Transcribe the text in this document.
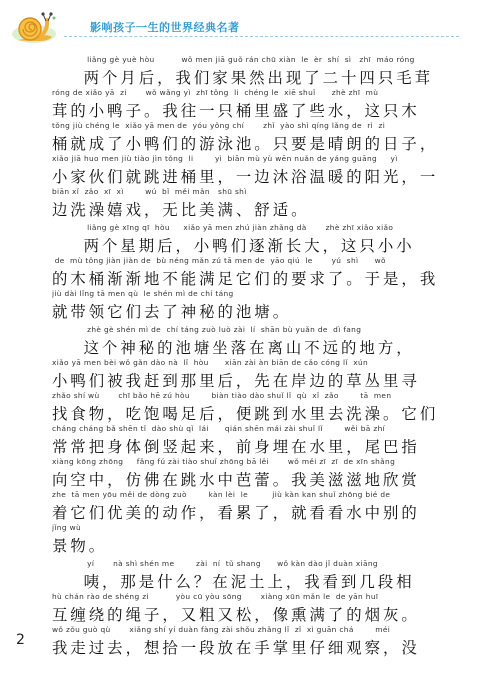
影响孩子一生的世界经典名著
liǎng gè yuè hòu          wǒ men jiā guǒ rán chū xiàn  le  èr  shí  sì   zhī  máo róng
两个月后，我们家果然出现了二十四只毛茸
róng de xiǎo yā  zi       wǒ wǎng yì  zhī tǒng  li  chéng le  xiē shuǐ      zhè zhī  mù
茸的小鸭子。我往一只桶里盛了些水，这只木
tǒng jiù chéng le  xiǎo yā men de  yóu yǒng chí       zhǐ  yào shì qíng lǎng de  rì  zi
桶就成了小鸭们的游泳池。只要是晴朗的日子，
xiǎo jiā huo men jiù tiào jìn tǒng  li        yì  biān mù yù wēn nuǎn de yáng guāng     yì
小家伙们就跳进桶里，一边沐浴温暖的阳光，一
biān xǐ  zǎo  xī  xì        wú  bǐ  měi mǎn   shū shì
边洗澡嬉戏，无比美满、舒适。
liǎng gè xīng qī  hòu     xiǎo yā men zhú jiàn zhǎng dà       zhè zhī xiǎo xiǎo
两个星期后，小鸭们逐渐长大，这只小小
de  mù tǒng jiàn jiàn de  bù néng mǎn zú tā men de  yāo qiú  le       yú  shì      wǒ
的木桶渐渐地不能满足它们的要求了。于是，我
jiù dài lǐng tā men qù  le shén mì de chí táng
就带领它们去了神秘的池塘。
zhè gè shén mì de  chí táng zuò luò zài  lí  shān bù yuǎn de  dì fang
这个神秘的池塘坐落在离山不远的地方，
xiǎo yā men bèi wǒ gǎn dào nà  lǐ  hòu      xiān zài àn biān de cǎo cóng lǐ  xún
小鸭们被我赶到那里后，先在岸边的草丛里寻
zhǎo shí wù       chī bǎo hē zú hòu        biàn tiào dào shuǐ lǐ  qù  xǐ  zǎo        tā  men
找食物，吃饱喝足后，便跳到水里去洗澡。它们
cháng cháng bǎ shēn tǐ  dào shù qǐ  lái      qián shēn mái zài shuǐ lǐ        wěi bā zhí
常常把身体倒竖起来，前身埋在水里，尾巴指
xiàng kōng zhōng     fǎng fú zài tiào shuǐ zhōng bā lěi       wǒ měi zī  zī  de xīn shǎng
向空中，仿佛在跳水中芭蕾。我美滋滋地欣赏
zhe  tā men yōu měi de dòng zuò        kàn lèi  le         jiù kàn kan shuǐ zhōng bié de
着它们优美的动作，看累了，就看看水中别的
jǐng wù
景物。
yí       nà shì shén me        zài  ní  tǔ shang      wǒ kàn dào jǐ duàn xiāng
咦，那是什么？在泥土上，我看到几段相
hù chán rào de shéng zi          yòu cū yòu sōng       xiàng xūn mǎn le  de yān huī
互缠绕的绳子，又粗又松，像熏满了的烟灰。
wǒ zǒu guò qù       xiǎng shí yí duàn fàng zài shǒu zhǎng lǐ  zǐ  xì guān chá        méi
我走过去，想拾一段放在手掌里仔细观察，没
2
